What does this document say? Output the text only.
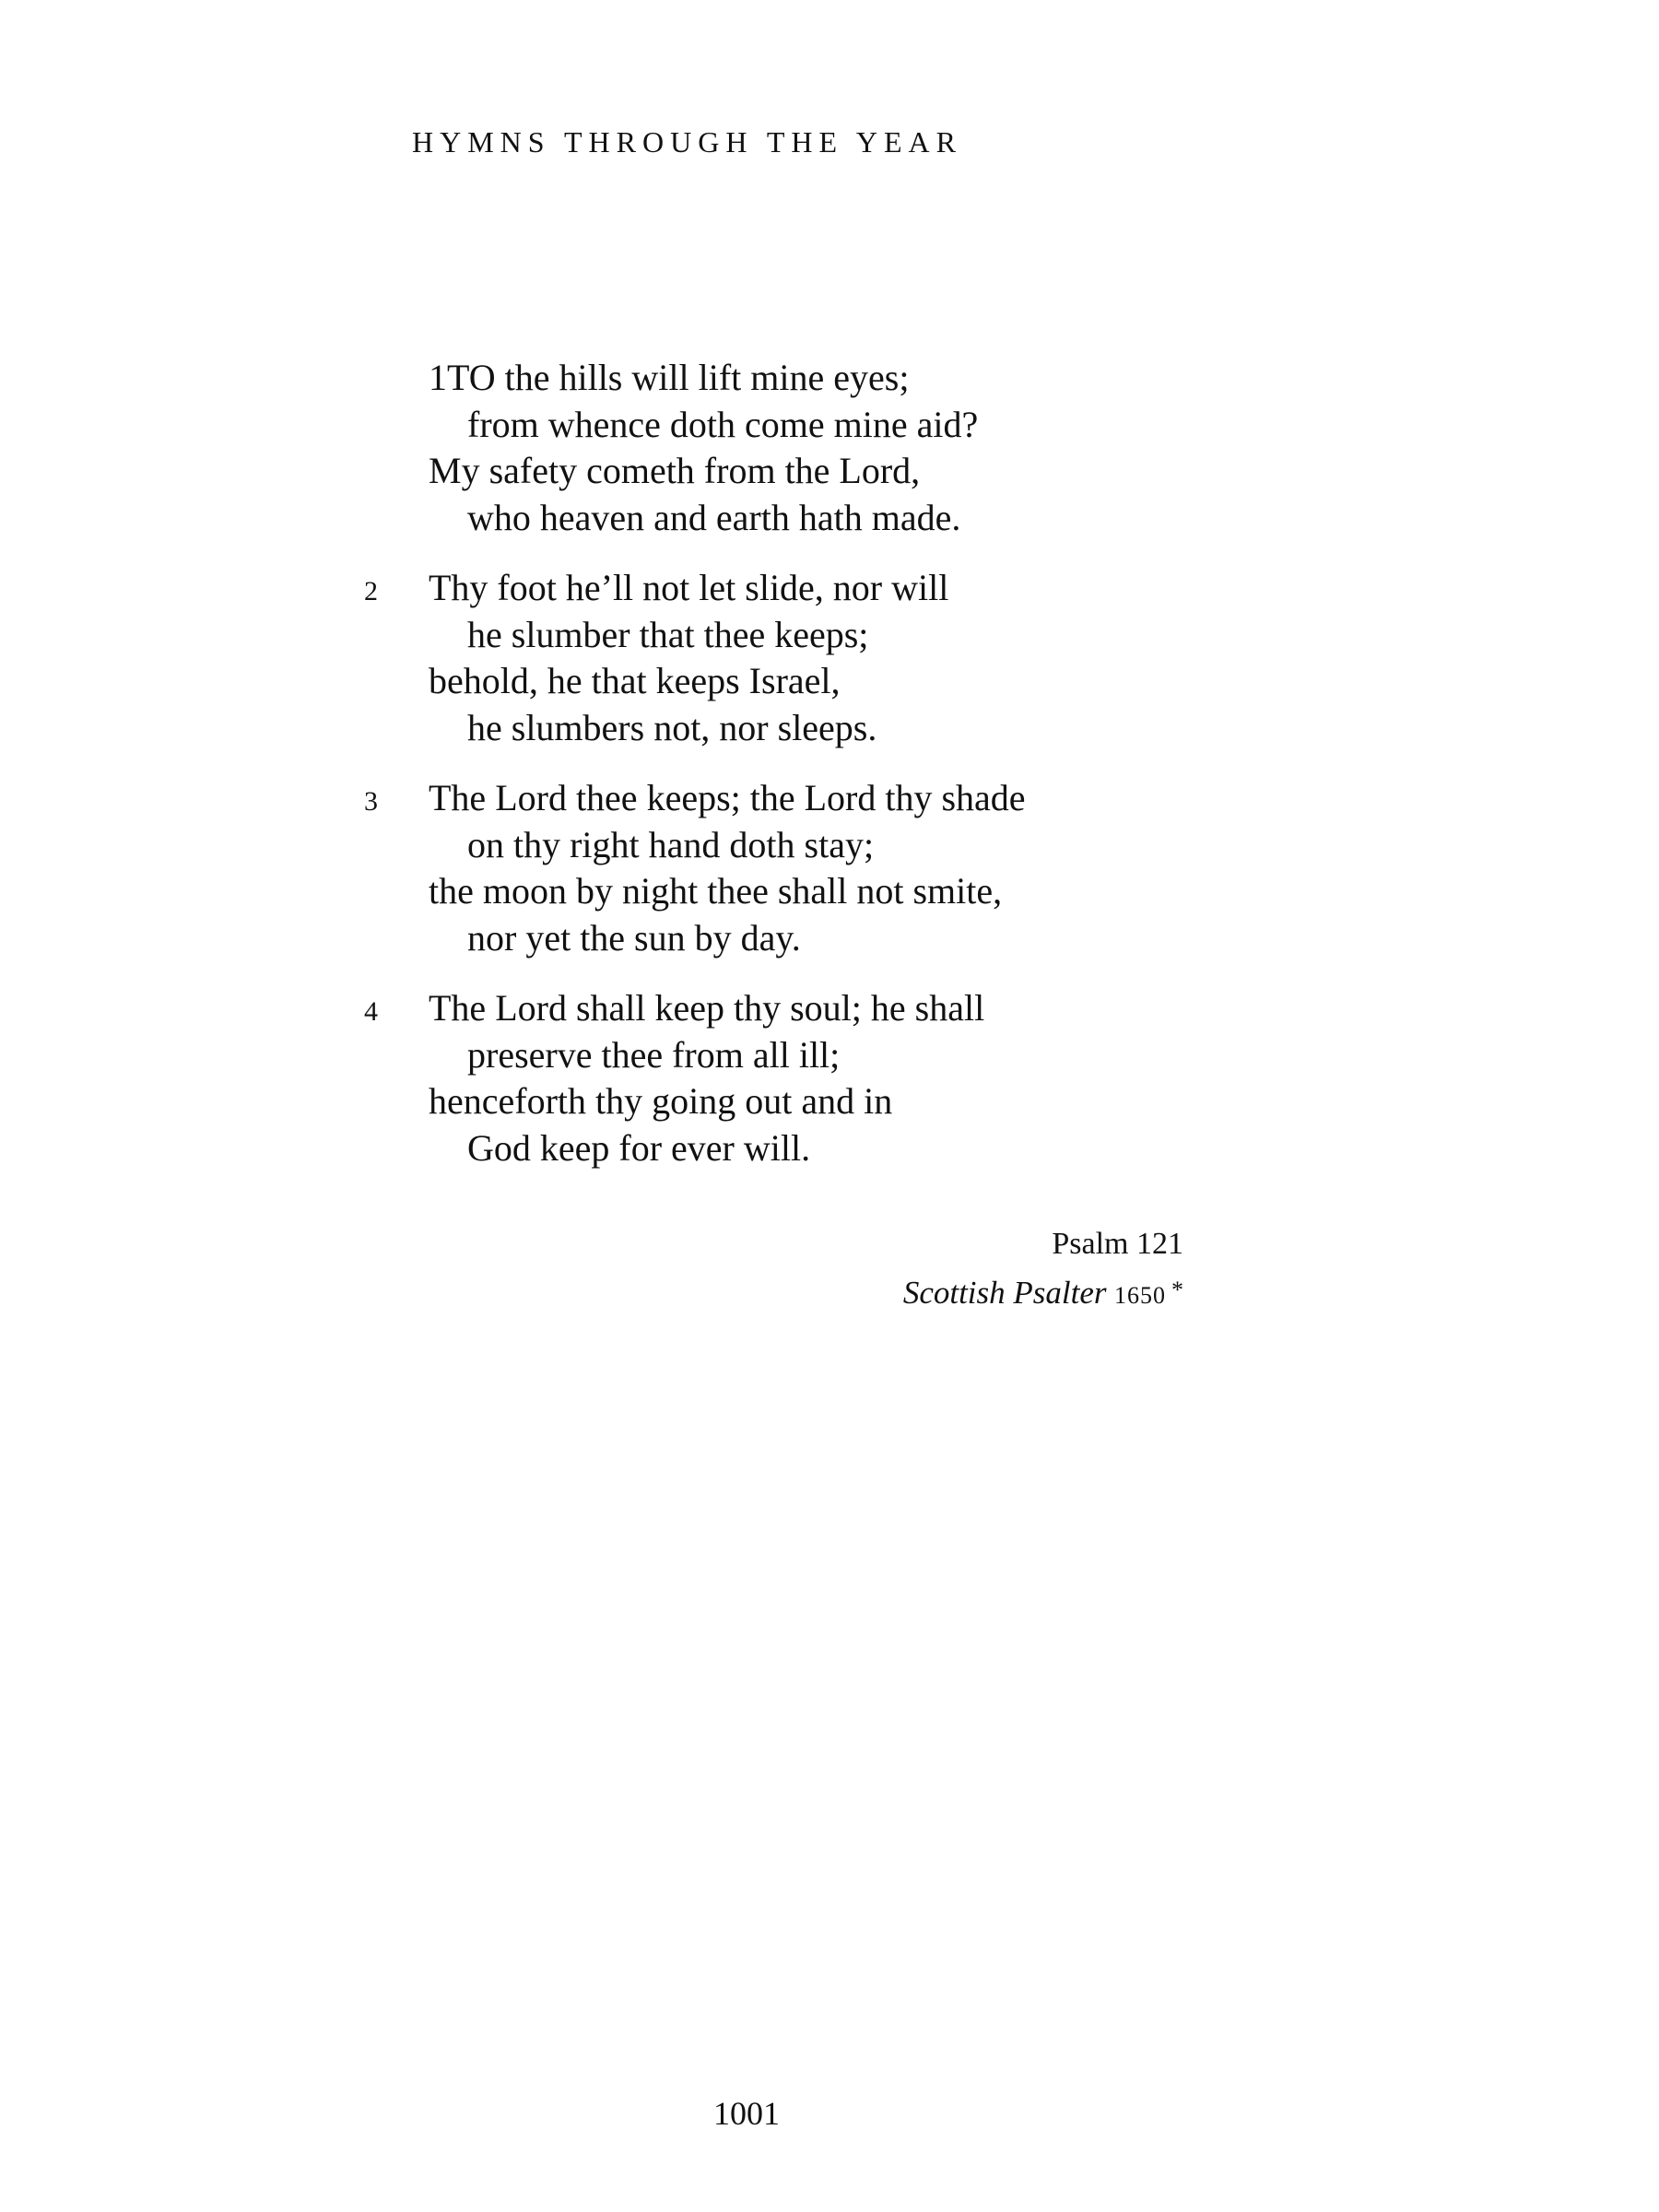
HYMNS THROUGH THE YEAR
1TO the hills will lift mine eyes;
from whence doth come mine aid?
My safety cometh from the Lord,
who heaven and earth hath made.
2	Thy foot he’ll not let slide, nor will
he slumber that thee keeps;
behold, he that keeps Israel,
he slumbers not, nor sleeps.
3	The Lord thee keeps; the Lord thy shade
on thy right hand doth stay;
the moon by night thee shall not smite,
nor yet the sun by day.
4	The Lord shall keep thy soul; he shall
preserve thee from all ill;
henceforth thy going out and in
God keep for ever will.
Psalm 121
Scottish Psalter 1650 *
1001
